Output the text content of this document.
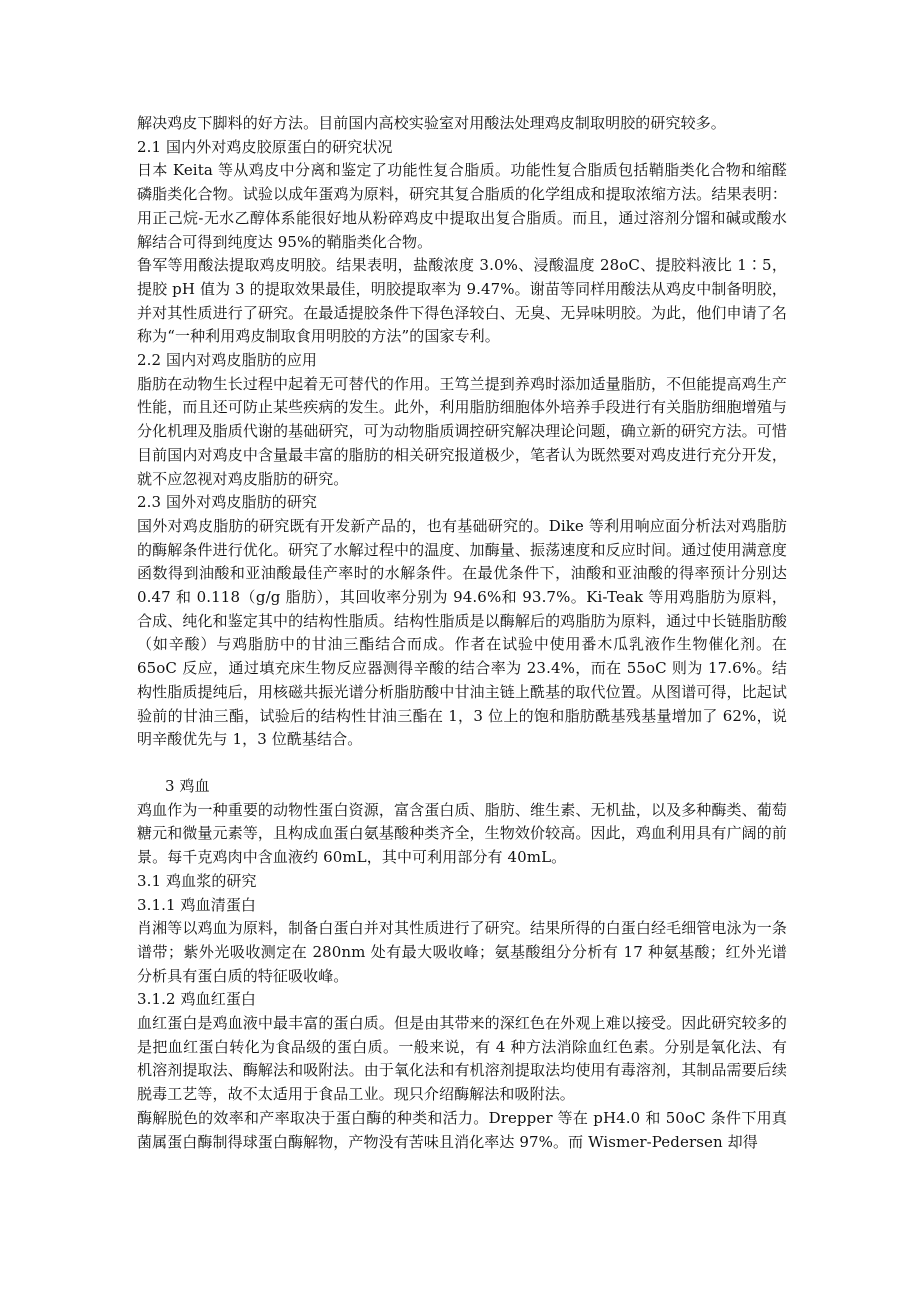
解决鸡皮下脚料的好方法。目前国内高校实验室对用酸法处理鸡皮制取明胶的研究较多。

2.1 国内外对鸡皮胶原蛋白的研究状况

日本 Keita 等从鸡皮中分离和鉴定了功能性复合脂质。功能性复合脂质包括鞘脂类化合物和缩醛磷脂类化合物。试验以成年蛋鸡为原料，研究其复合脂质的化学组成和提取浓缩方法。结果表明：用正己烷-无水乙醇体系能很好地从粉碎鸡皮中提取出复合脂质。而且，通过溶剂分馏和碱或酸水解结合可得到纯度达 95%的鞘脂类化合物。

鲁军等用酸法提取鸡皮明胶。结果表明，盐酸浓度 3.0%、浸酸温度 28oC、提胶料液比 1∶5，提胶 pH 值为 3 的提取效果最佳，明胶提取率为 9.47%。谢苗等同样用酸法从鸡皮中制备明胶，并对其性质进行了研究。在最适提胶条件下得色泽较白、无臭、无异味明胶。为此，他们申请了名称为“一种利用鸡皮制取食用明胶的方法”的国家专利。

2.2 国内对鸡皮脂肪的应用

脂肪在动物生长过程中起着无可替代的作用。王笃兰提到养鸡时添加适量脂肪，不但能提高鸡生产性能，而且还可防止某些疾病的发生。此外，利用脂肪细胞体外培养手段进行有关脂肪细胞增殖与分化机理及脂质代谢的基础研究，可为动物脂质调控研究解决理论问题，确立新的研究方法。可惜目前国内对鸡皮中含量最丰富的脂肪的相关研究报道极少，笔者认为既然要对鸡皮进行充分开发，就不应忽视对鸡皮脂肪的研究。

2.3 国外对鸡皮脂肪的研究

国外对鸡皮脂肪的研究既有开发新产品的，也有基础研究的。Dike 等利用响应面分析法对鸡脂肪的酶解条件进行优化。研究了水解过程中的温度、加酶量、振荡速度和反应时间。通过使用满意度函数得到油酸和亚油酸最佳产率时的水解条件。在最优条件下，油酸和亚油酸的得率预计分别达 0.47 和 0.118（g/g 脂肪），其回收率分别为 94.6%和 93.7%。Ki-Teak 等用鸡脂肪为原料，合成、纯化和鉴定其中的结构性脂质。结构性脂质是以酶解后的鸡脂肪为原料，通过中长链脂肪酸（如辛酸）与鸡脂肪中的甘油三酯结合而成。作者在试验中使用番木瓜乳液作生物催化剂。在 65oC 反应，通过填充床生物反应器测得辛酸的结合率为 23.4%，而在 55oC 则为 17.6%。结构性脂质提纯后，用核磁共振光谱分析脂肪酸中甘油主链上酰基的取代位置。从图谱可得，比起试验前的甘油三酯，试验后的结构性甘油三酯在 1，3 位上的饱和脂肪酰基残基量增加了 62%，说明辛酸优先与 1，3 位酰基结合。

3 鸡血

鸡血作为一种重要的动物性蛋白资源，富含蛋白质、脂肪、维生素、无机盐，以及多种酶类、葡萄糖元和微量元素等，且构成血蛋白氨基酸种类齐全，生物效价较高。因此，鸡血利用具有广阔的前景。每千克鸡肉中含血液约 60mL，其中可利用部分有 40mL。

3.1 鸡血浆的研究

3.1.1 鸡血清蛋白

肖湘等以鸡血为原料，制备白蛋白并对其性质进行了研究。结果所得的白蛋白经毛细管电泳为一条谱带；紫外光吸收测定在 280nm 处有最大吸收峰；氨基酸组分分析有 17 种氨基酸；红外光谱分析具有蛋白质的特征吸收峰。

3.1.2 鸡血红蛋白

血红蛋白是鸡血液中最丰富的蛋白质。但是由其带来的深红色在外观上难以接受。因此研究较多的是把血红蛋白转化为食品级的蛋白质。一般来说，有 4 种方法消除血红色素。分别是氧化法、有机溶剂提取法、酶解法和吸附法。由于氧化法和有机溶剂提取法均使用有毒溶剂，其制品需要后续脱毒工艺等，故不太适用于食品工业。现只介绍酶解法和吸附法。

酶解脱色的效率和产率取决于蛋白酶的种类和活力。Drepper 等在 pH4.0 和 50oC 条件下用真菌属蛋白酶制得球蛋白酶解物，产物没有苦味且消化率达 97%。而 Wismer-Pedersen 却得
